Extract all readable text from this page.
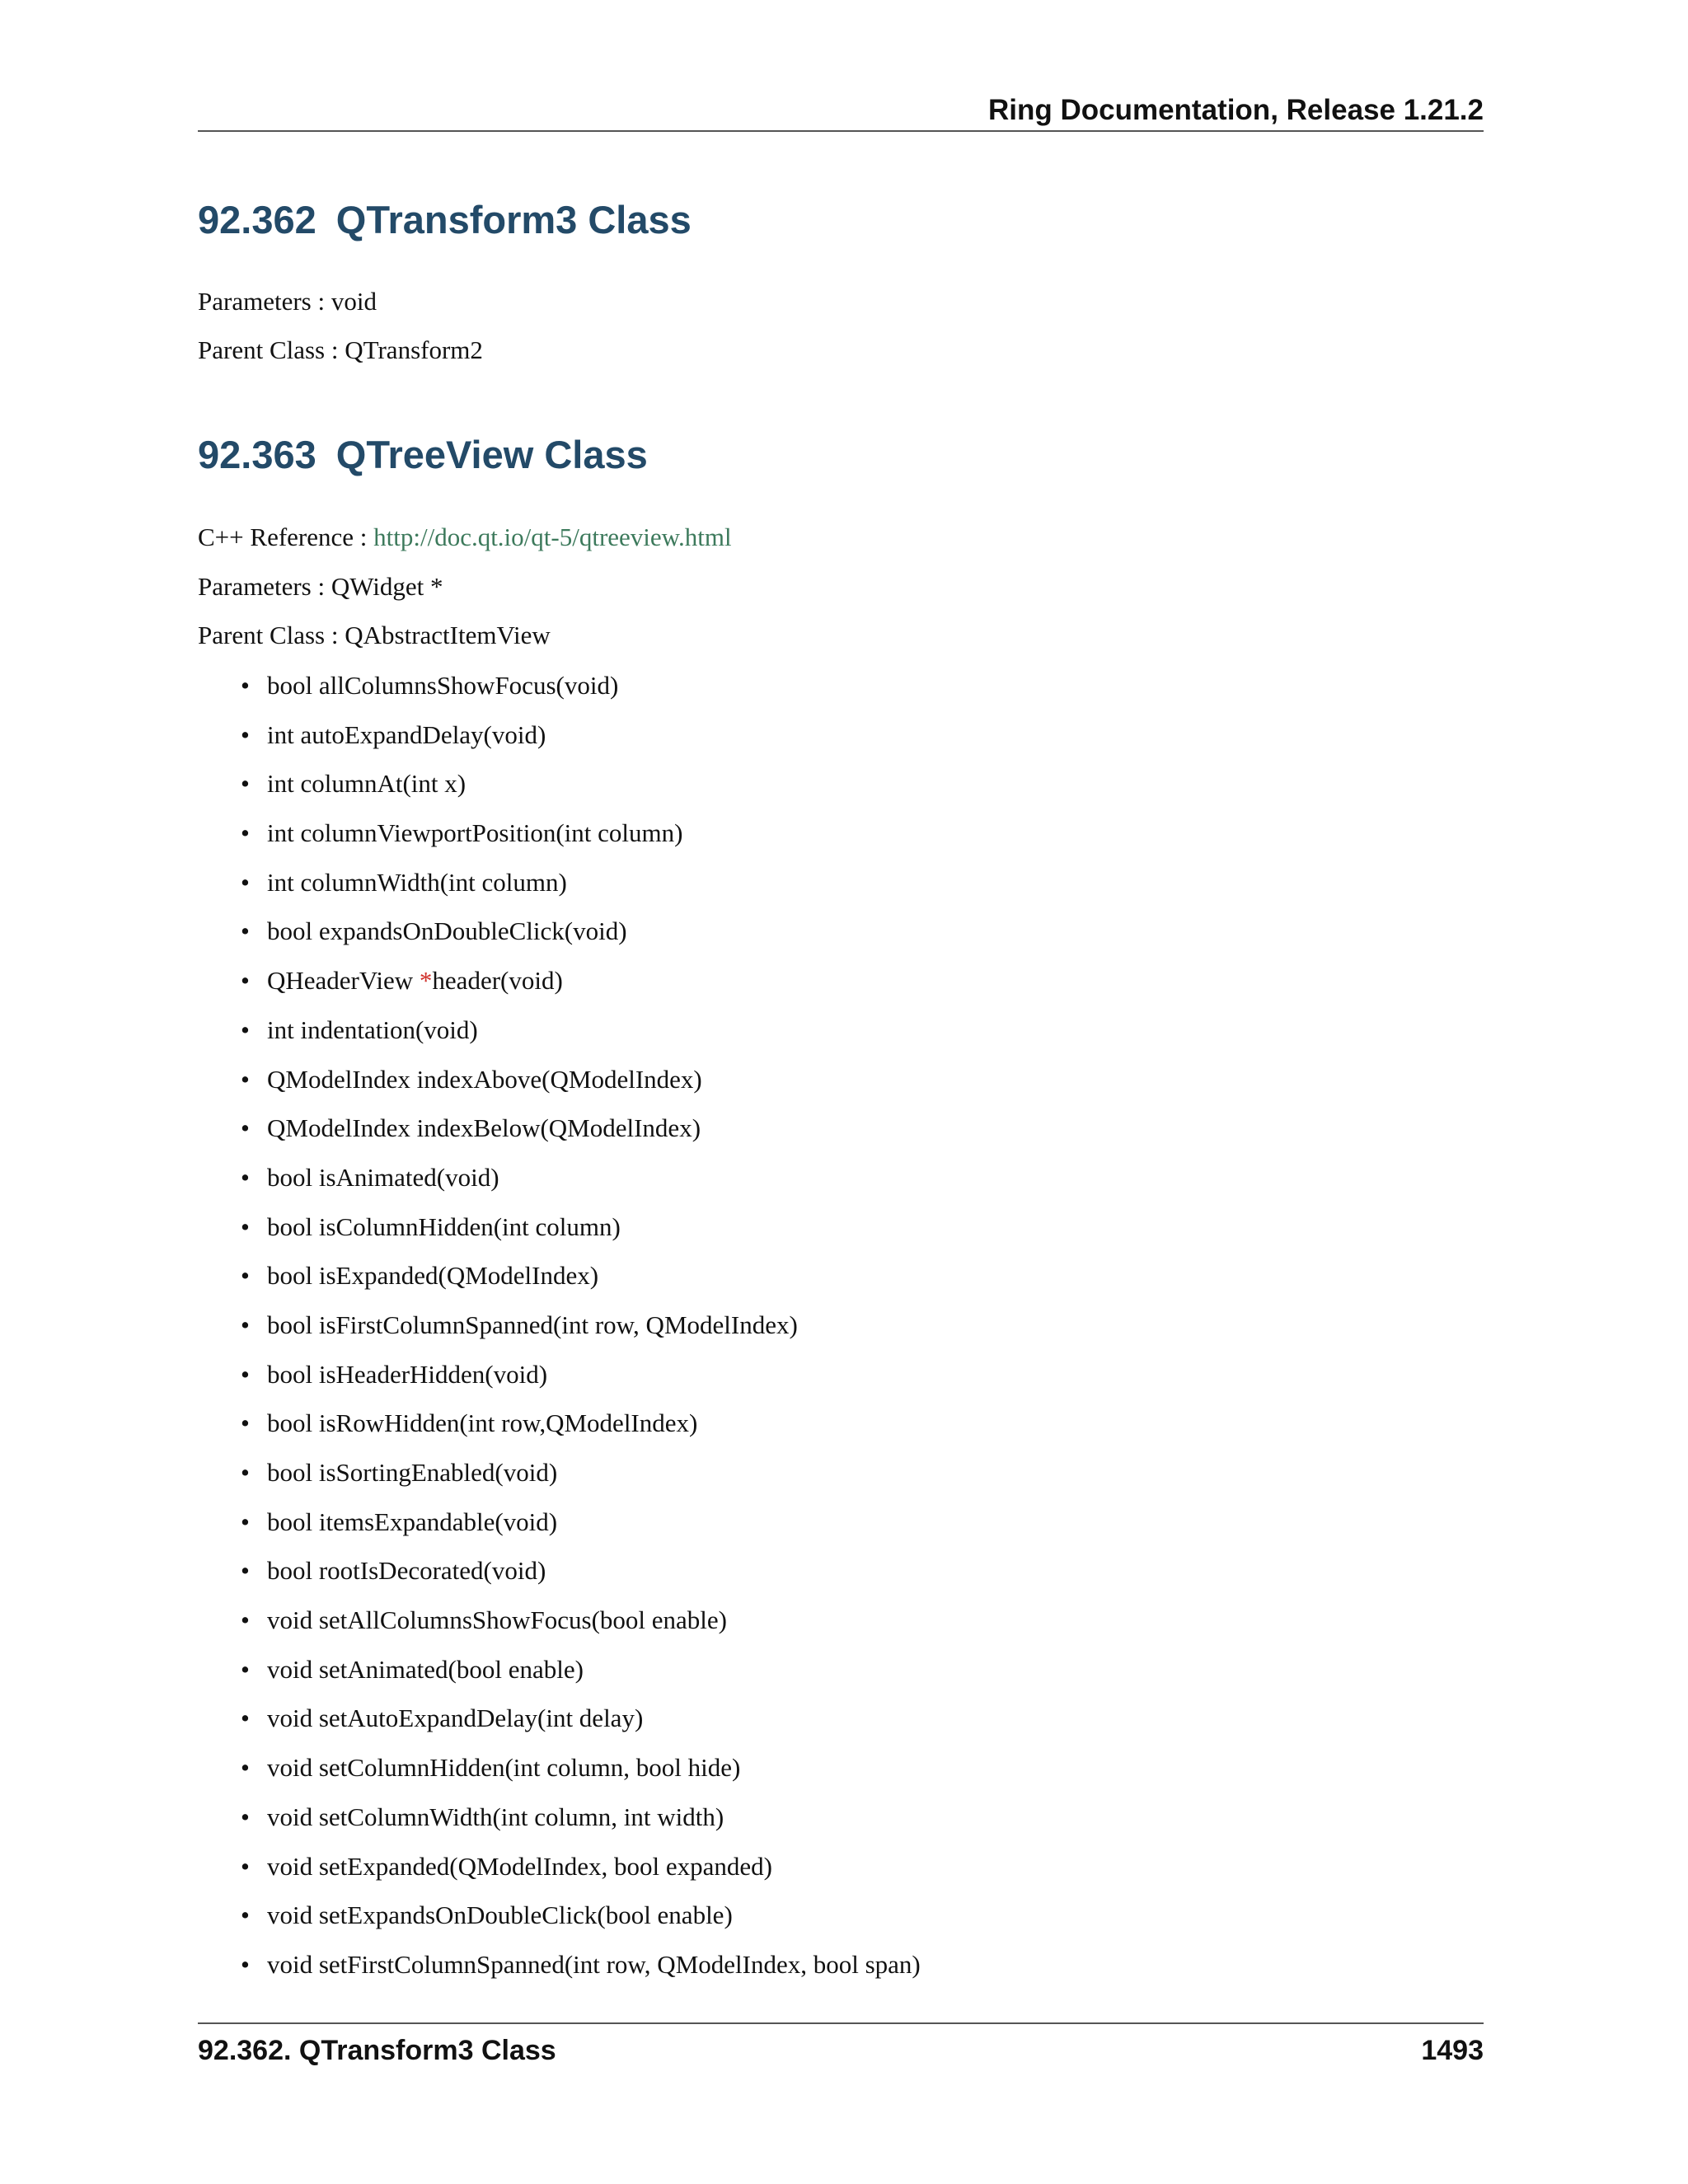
Ring Documentation, Release 1.21.2
92.362 QTransform3 Class
Parameters : void
Parent Class : QTransform2
92.363 QTreeView Class
C++ Reference : http://doc.qt.io/qt-5/qtreeview.html
Parameters : QWidget *
Parent Class : QAbstractItemView
• bool allColumnsShowFocus(void)
• int autoExpandDelay(void)
• int columnAt(int x)
• int columnViewportPosition(int column)
• int columnWidth(int column)
• bool expandsOnDoubleClick(void)
• QHeaderView *header(void)
• int indentation(void)
• QModelIndex indexAbove(QModelIndex)
• QModelIndex indexBelow(QModelIndex)
• bool isAnimated(void)
• bool isColumnHidden(int column)
• bool isExpanded(QModelIndex)
• bool isFirstColumnSpanned(int row, QModelIndex)
• bool isHeaderHidden(void)
• bool isRowHidden(int row,QModelIndex)
• bool isSortingEnabled(void)
• bool itemsExpandable(void)
• bool rootIsDecorated(void)
• void setAllColumnsShowFocus(bool enable)
• void setAnimated(bool enable)
• void setAutoExpandDelay(int delay)
• void setColumnHidden(int column, bool hide)
• void setColumnWidth(int column, int width)
• void setExpanded(QModelIndex, bool expanded)
• void setExpandsOnDoubleClick(bool enable)
• void setFirstColumnSpanned(int row, QModelIndex, bool span)
92.362. QTransform3 Class	1493
